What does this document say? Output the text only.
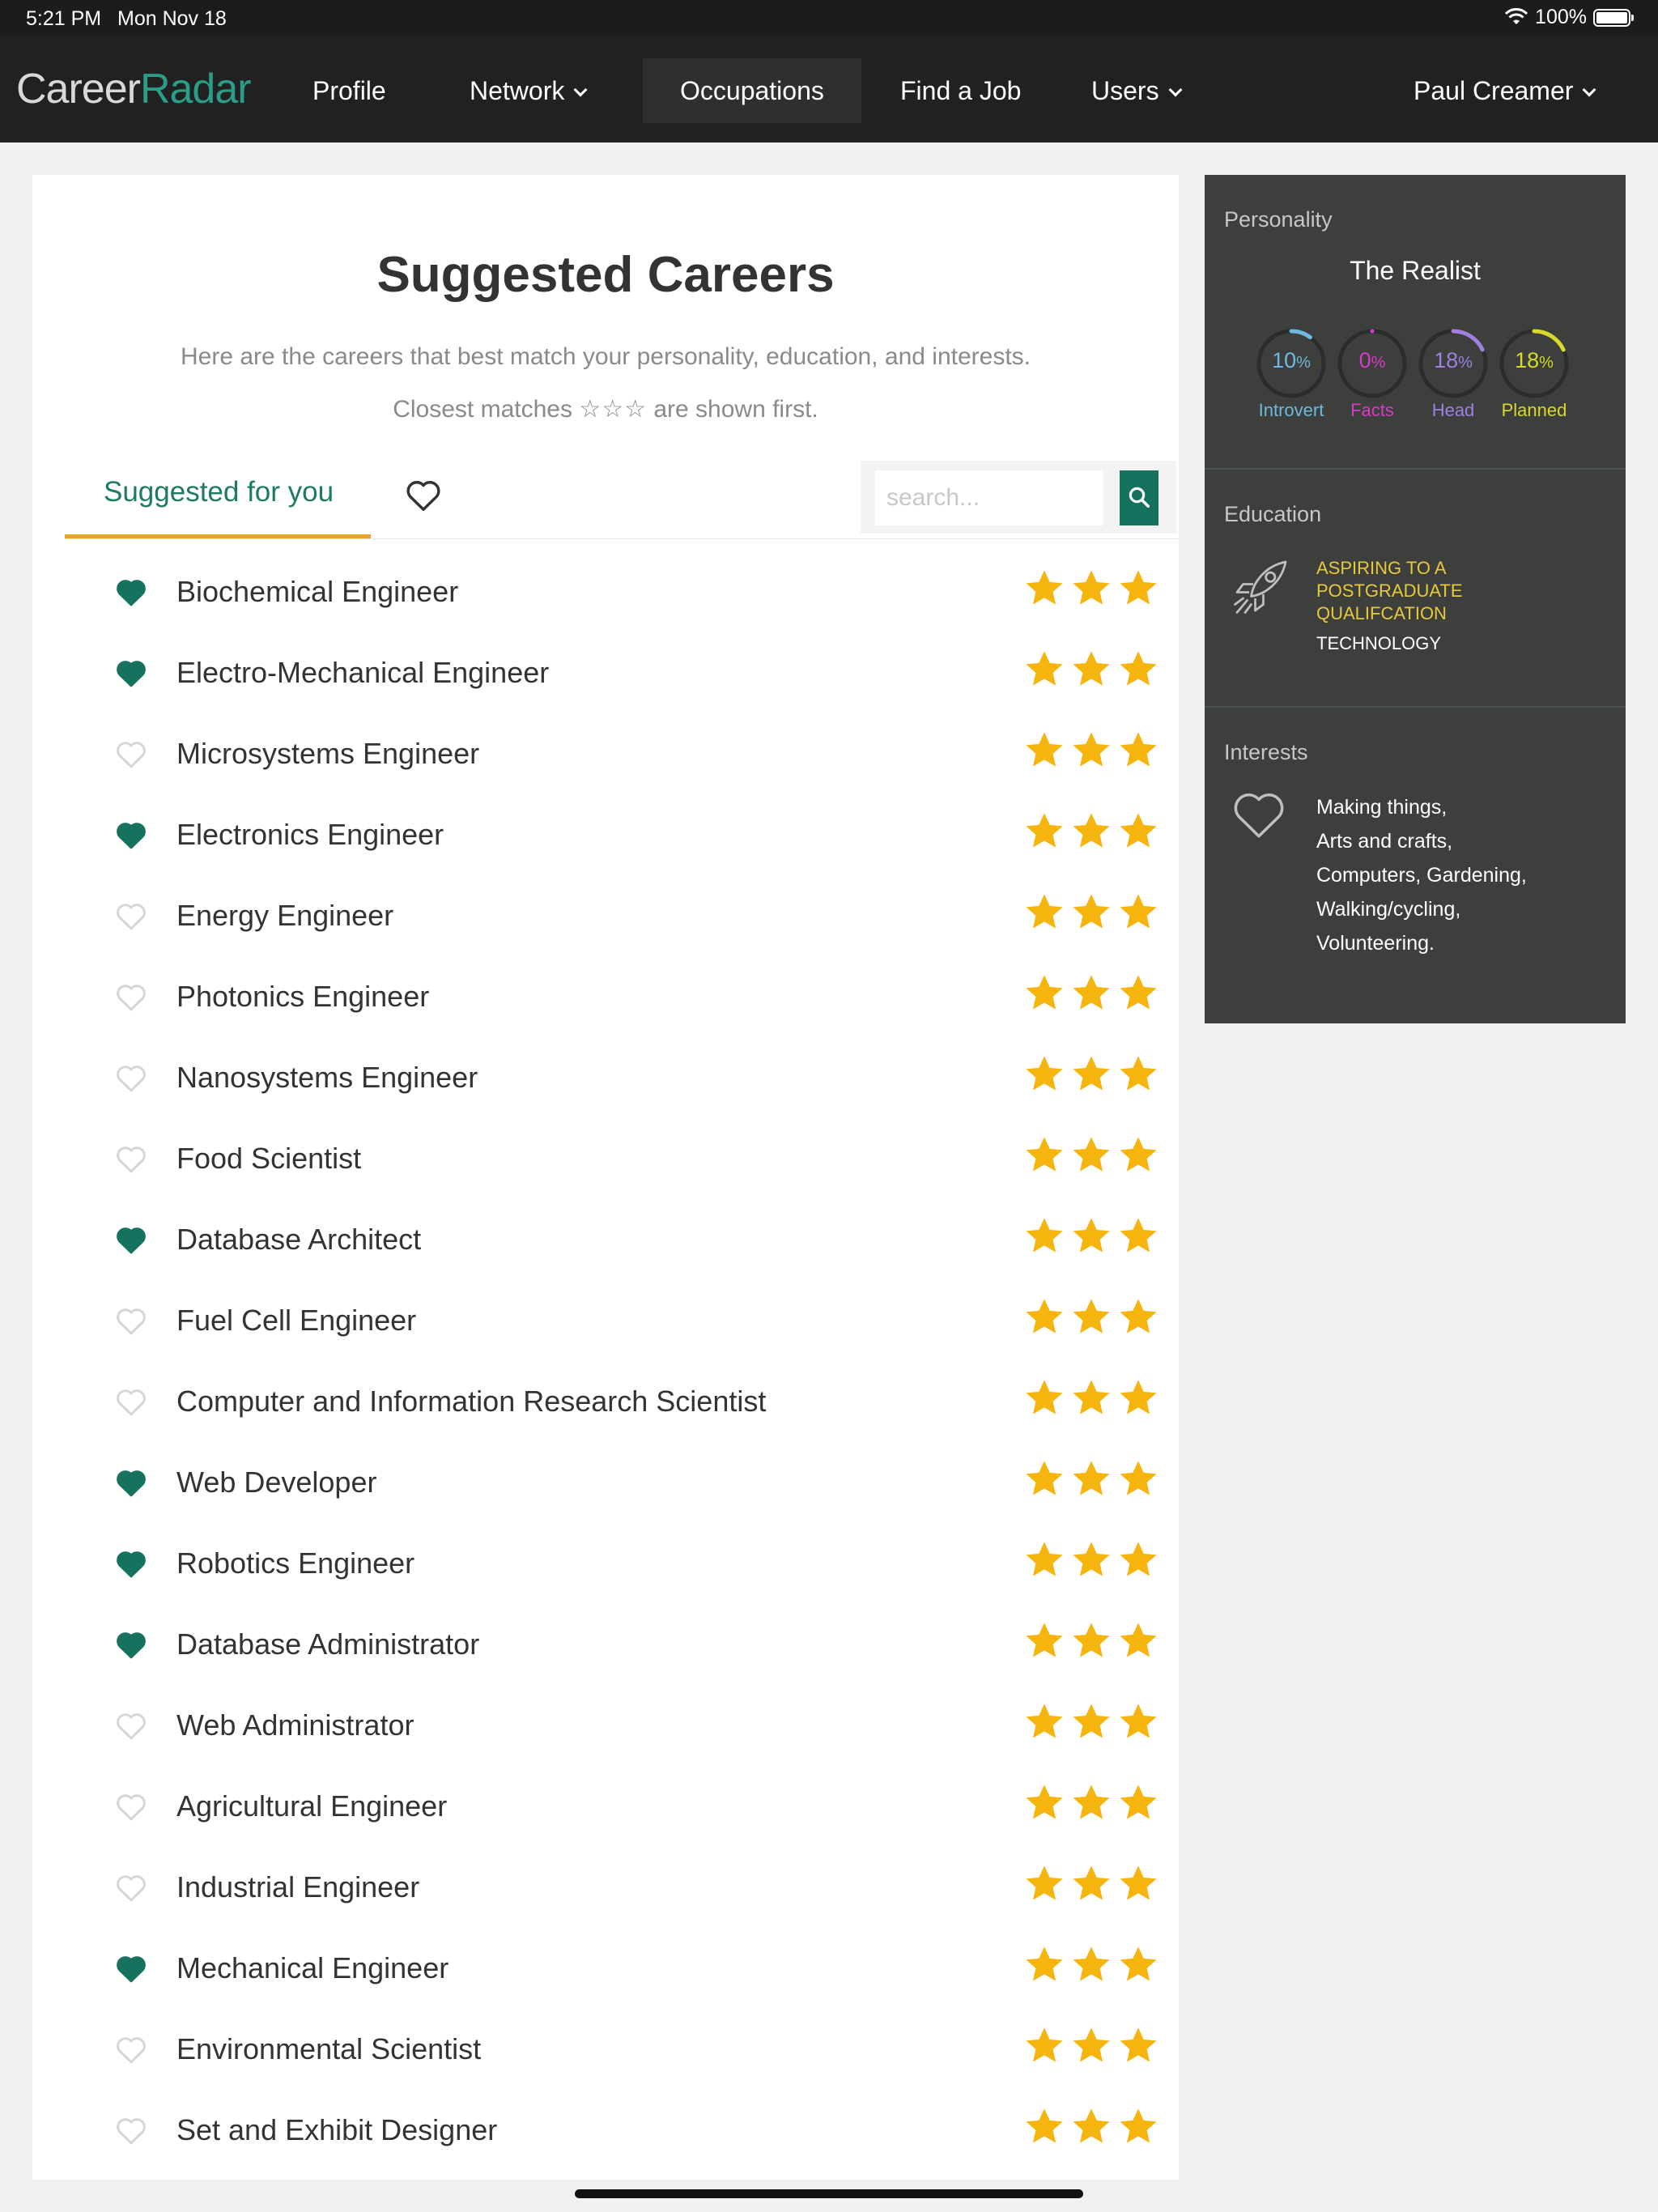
5:21 PM Mon Nov 18	100%
CareerRadar Profile	Network	Occupations	Find a Job	Users	Paul Creamer
Suggested Careers
Here are the careers that best match your personality, education, and interests.
Closest matches ☆☆☆ are shown first.
Suggested for you
search...
Biochemical Engineer
Electro-Mechanical Engineer
Microsystems Engineer
Electronics Engineer
Energy Engineer
Photonics Engineer
Nanosystems Engineer
Food Scientist
Database Architect
Fuel Cell Engineer
Computer and Information Research Scientist
Web Developer
Robotics Engineer
Database Administrator
Web Administrator
Agricultural Engineer
Industrial Engineer
Mechanical Engineer
Environmental Scientist
Set and Exhibit Designer
Personality
The Realist
10%
Introvert
0%
Facts
18%
Head
18%
Planned
Education
ASPIRING TO A
POSTGRADUATE
QUALIFCATION
TECHNOLOGY
Interests
Making things,
Arts and crafts,
Computers, Gardening,
Walking/cycling,
Volunteering.
